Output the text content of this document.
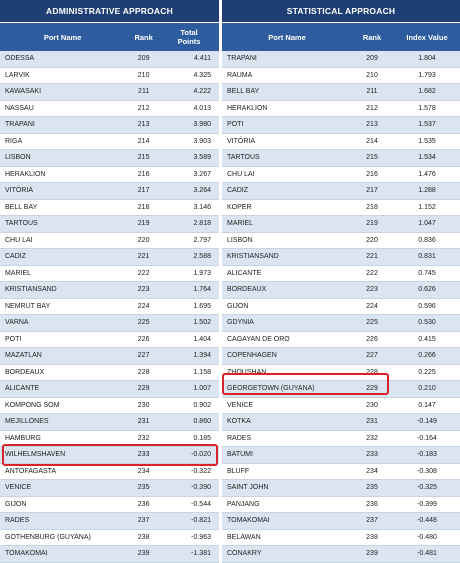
ADMINISTRATIVE APPROACH
Port Name	Rank	Total
Points
ODESSA	209	4.411
LARVIK	210	4.325
KAWASAKI	211	4.222
NASSAU	212	4.013
TRAPANI	213	3.980
RIGA	214	3.903
LISBON	215	3.589
HERAKLION	216	3.267
VITÓRIA	217	3.264
BELL BAY	218	3.146
TARTOUS	219	2.818
CHU LAI	220	2.797
CADIZ	221	2.588
MARIEL	222	1.973
KRISTIANSAND	223	1.764
NEMRUT BAY	224	1.695
VARNA	225	1.502
POTI	226	1.404
MAZATLAN	227	1.394
BORDEAUX	228	1.158
ALICANTE	229	1.007
KOMPONG SOM	230	0.902
MEJILLONES	231	0.860
HAMBURG	232	0.185
WILHELMSHAVEN	233	-0.020
ANTOFAGASTA	234	-0.322
VENICE	235	-0.390
GIJON	236	-0.544
RADES	237	-0.821
GOTHENBURG (GUYANA)	238	-0.963
TOMAKOMAI	239	-1.381
STATISTICAL APPROACH
Port Name	Rank	Index Value
TRAPANI	209	1.804
RAUMA	210	1.793
BELL BAY	211	1.682
HERAKLION	212	1.578
POTI	213	1.537
VITÓRIA	214	1.535
TARTOUS	215	1.534
CHU LAI	216	1.476
CADIZ	217	1.288
KOPER	218	1.152
MARIEL	219	1.047
LISBON	220	0.836
KRISTIANSAND	221	0.831
ALICANTE	222	0.745
BORDEAUX	223	0.626
GIJON	224	0.596
GDYNIA	225	0.530
CAGAYAN DE ORO	226	0.415
COPENHAGEN	227	0.266
ZHOUSHAN	228	0.225
GEORGETOWN (GUYANA)	229	0.210
VENICE	230	0.147
KOTKA	231	-0.149
RADES	232	-0.164
BATUMI	233	-0.183
BLUFF	234	-0.308
SAINT JOHN	235	-0.325
PANJANG	236	-0.399
TOMAKOMAI	237	-0.448
BELAWAN	238	-0.480
CONAKRY	239	-0.481
